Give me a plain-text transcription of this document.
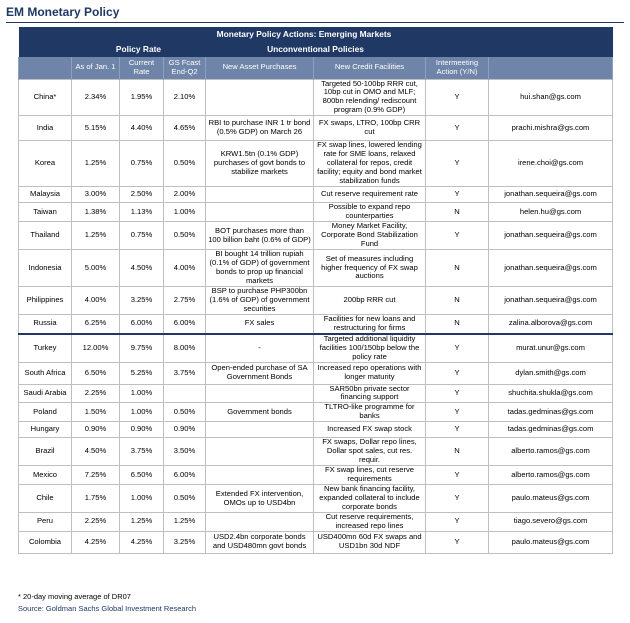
EM Monetary Policy
		Monetary Policy Actions: Emerging Markets					
	Policy Rate			Unconventional Policies			
	As of Jan. 1	Current Rate	GS Fcast End-Q2	New Asset Purchases	New Credit Facilities	Intermeeting Action (Y/N)	
China*	2.34%	1.95%	2.10%		Targeted 50-100bp RRR cut, 10bp cut in OMO and MLF; 800bn relending/ rediscount program (0.9% GDP)	Y	hui.shan@gs.com
India	5.15%	4.40%	4.65%	RBI to purchase INR 1 tr bond (0.5% GDP) on March 26	FX swaps, LTRO, 100bp CRR cut	Y	prachi.mishra@gs.com
Korea	1.25%	0.75%	0.50%	KRW1.5tn (0.1% GDP) purchases of govt bonds to stabilize markets	FX swap lines, lowered lending rate for SME loans, relaxed collateral for repos, credit facility; equity and bond market stabilization funds	Y	irene.choi@gs.com
Malaysia	3.00%	2.50%	2.00%		Cut reserve requirement rate	Y	jonathan.sequeira@gs.com
Taiwan	1.38%	1.13%	1.00%		Possible to expand repo counterparties	N	helen.hu@gs.com
Thailand	1.25%	0.75%	0.50%	BOT purchases more than 100 billion baht (0.6% of GDP)	Money Market Facility, Corporate Bond Stabilization Fund	Y	jonathan.sequeira@gs.com
Indonesia	5.00%	4.50%	4.00%	BI bought 14 trillion rupiah (0.1% of GDP) of government bonds to prop up financial markets	Set of measures including higher frequency of FX swap auctions	N	jonathan.sequeira@gs.com
Philippines	4.00%	3.25%	2.75%	BSP to purchase PHP300bn (1.6% of GDP) of government securities	200bp RRR cut	N	jonathan.sequeira@gs.com
Russia	6.25%	6.00%	6.00%	FX sales	Facilities for new loans and restructuring for firms	N	zalina.alborova@gs.com
Turkey	12.00%	9.75%	8.00%	-	Targeted additional liquidity facilities 100/150bp below the policy rate	Y	murat.unur@gs.com
South Africa	6.50%	5.25%	3.75%	Open-ended purchase of SA Government Bonds	Increased repo operations with longer maturity	Y	dylan.smith@gs.com
Saudi Arabia	2.25%	1.00%			SAR50bn private sector financing support	Y	shuchita.shukla@gs.com
Poland	1.50%	1.00%	0.50%	Government bonds	TLTRO-like programme for banks	Y	tadas.gedminas@gs.com
Hungary	0.90%	0.90%	0.90%		Increased FX swap stock	Y	tadas.gedminas@gs.com
Brazil	4.50%	3.75%	3.50%		FX swaps, Dollar repo lines, Dollar spot sales, cut res. requir.	N	alberto.ramos@gs.com
Mexico	7.25%	6.50%	6.00%		FX swap lines, cut reserve requirements	Y	alberto.ramos@gs.com
Chile	1.75%	1.00%	0.50%	Extended FX intervention, OMOs up to USD4bn	New bank financing facility, expanded collateral to include corporate bonds	Y	paulo.mateus@gs.com
Peru	2.25%	1.25%	1.25%		Cut reserve requirements, increased repo lines	Y	tiago.severo@gs.com
Colombia	4.25%	4.25%	3.25%	USD2.4bn corporate bonds and USD480mn govt bonds	USD400mn 60d FX swaps and USD1bn 30d NDF	Y	paulo.mateus@gs.com
* 20-day moving average of DR07
Source: Goldman Sachs Global Investment Research
